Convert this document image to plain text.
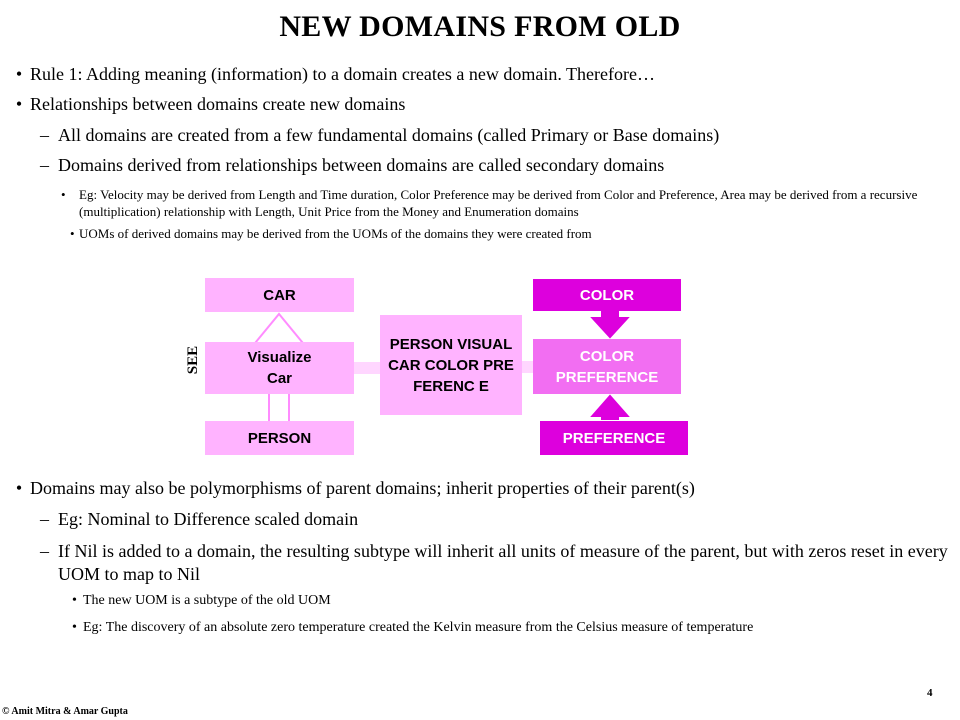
NEW DOMAINS FROM OLD
• Rule 1: Adding meaning (information) to a domain creates a new domain. Therefore…
• Relationships between domains create new domains
– All domains are created from a few fundamental domains (called Primary or Base domains)
– Domains derived from relationships between domains are called secondary domains
• Eg: Velocity may be derived from Length and Time duration, Color Preference may be derived from Color and Preference, Area may be derived from a recursive (multiplication) relationship with Length, Unit Price from the Money and Enumeration domains
• UOMs of derived domains may be derived from the UOMs of the domains they were created from
SEE
CAR
Visualize Car
PERSON
PERSON VISUAL CAR COLOR PREFERENC E
COLOR
COLOR PREFERENCE
PREFERENCE
• Domains may also be polymorphisms of parent domains; inherit properties of their parent(s)
– Eg: Nominal to Difference scaled domain
– If Nil is added to a domain, the resulting subtype will inherit all units of measure of the parent, but with zeros reset in every UOM to map to Nil
• The new UOM is a subtype of the old UOM
• Eg: The discovery of an absolute zero temperature created the Kelvin measure from the Celsius measure of temperature
4
© Amit Mitra & Amar Gupta
